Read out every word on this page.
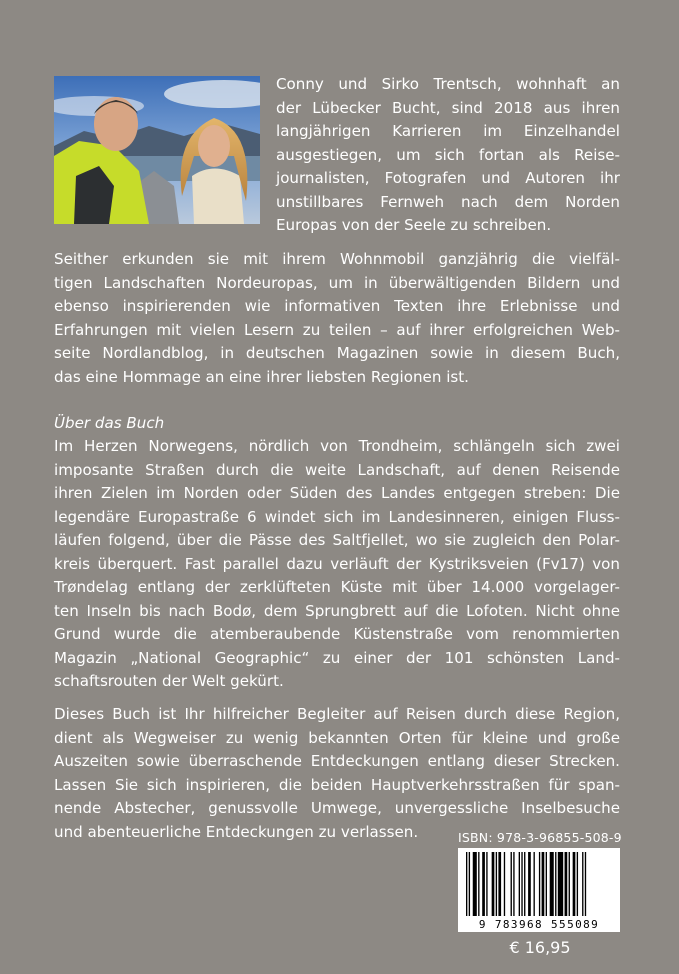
Conny und Sirko Trentsch, wohnhaft an
der Lübecker Bucht, sind 2018 aus ihren
langjährigen Karrieren im Einzelhandel
ausgestiegen, um sich fortan als Reise-
journalisten, Fotografen und Autoren ihr
unstillbares Fernweh nach dem Norden
Europas von der Seele zu schreiben.

Seither erkunden sie mit ihrem Wohnmobil ganzjährig die vielfäl-
tigen Landschaften Nordeuropas, um in überwältigenden Bildern und
ebenso inspirierenden wie informativen Texten ihre Erlebnisse und
Erfahrungen mit vielen Lesern zu teilen – auf ihrer erfolgreichen Web-
seite Nordlandblog, in deutschen Magazinen sowie in diesem Buch,
das eine Hommage an eine ihrer liebsten Regionen ist.

Über das Buch

Im Herzen Norwegens, nördlich von Trondheim, schlängeln sich zwei
imposante Straßen durch die weite Landschaft, auf denen Reisende
ihren Zielen im Norden oder Süden des Landes entgegen streben: Die
legendäre Europastraße 6 windet sich im Landesinneren, einigen Fluss-
läufen folgend, über die Pässe des Saltfjellet, wo sie zugleich den Polar-
kreis überquert. Fast parallel dazu verläuft der Kystriksveien (Fv17) von
Trøndelag entlang der zerklüfteten Küste mit über 14.000 vorgelager-
ten Inseln bis nach Bodø, dem Sprungbrett auf die Lofoten. Nicht ohne
Grund wurde die atemberaubende Küstenstraße vom renommierten
Magazin „National Geographic“ zu einer der 101 schönsten Land-
schaftsrouten der Welt gekürt.

Dieses Buch ist Ihr hilfreicher Begleiter auf Reisen durch diese Region,
dient als Wegweiser zu wenig bekannten Orten für kleine und große
Auszeiten sowie überraschende Entdeckungen entlang dieser Strecken.
Lassen Sie sich inspirieren, die beiden Hauptverkehrsstraßen für span-
nende Abstecher, genussvolle Umwege, unvergessliche Inselbesuche
und abenteuerliche Entdeckungen zu verlassen.	ISBN: 978-3-96855-508-9
9 783968 555089
€ 16,95
